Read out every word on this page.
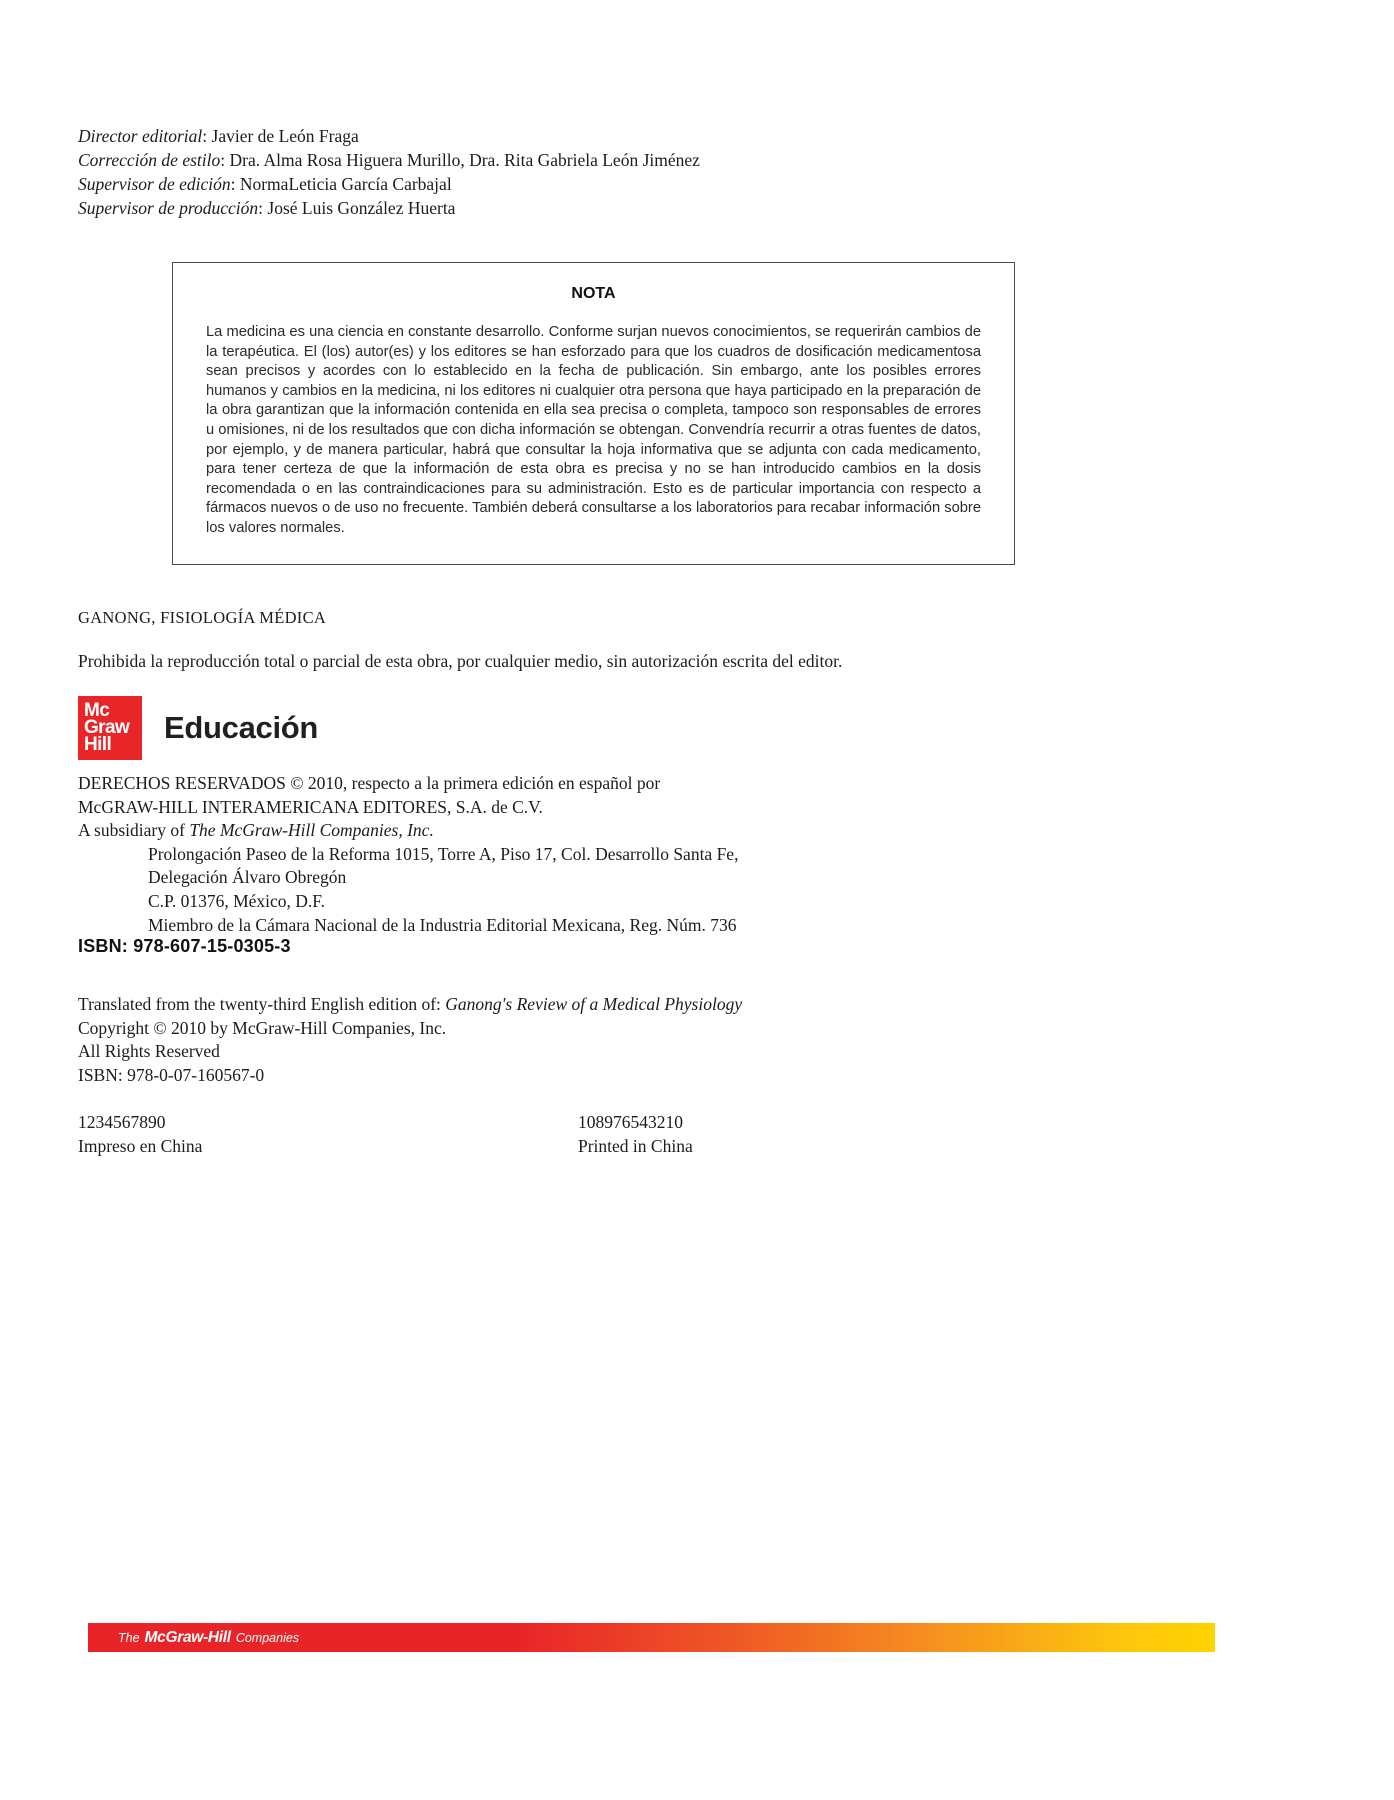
Director editorial: Javier de León Fraga
Corrección de estilo: Dra. Alma Rosa Higuera Murillo, Dra. Rita Gabriela León Jiménez
Supervisor de edición: NormaLeticia García Carbajal
Supervisor de producción: José Luis González Huerta
NOTA
La medicina es una ciencia en constante desarrollo. Conforme surjan nuevos conocimientos, se requerirán cambios de la terapéutica. El (los) autor(es) y los editores se han esforzado para que los cuadros de dosificación medicamentosa sean precisos y acordes con lo establecido en la fecha de publicación. Sin embargo, ante los posibles errores humanos y cambios en la medicina, ni los editores ni cualquier otra persona que haya participado en la preparación de la obra garantizan que la información contenida en ella sea precisa o completa, tampoco son responsables de errores u omisiones, ni de los resultados que con dicha información se obtengan. Convendría recurrir a otras fuentes de datos, por ejemplo, y de manera particular, habrá que consultar la hoja informativa que se adjunta con cada medicamento, para tener certeza de que la información de esta obra es precisa y no se han introducido cambios en la dosis recomendada o en las contraindicaciones para su administración. Esto es de particular importancia con respecto a fármacos nuevos o de uso no frecuente. También deberá consultarse a los laboratorios para recabar información sobre los valores normales.
GANONG, FISIOLOGÍA MÉDICA
Prohibida la reproducción total o parcial de esta obra, por cualquier medio, sin autorización escrita del editor.
Mc
Graw
Hill	Educación
DERECHOS RESERVADOS © 2010, respecto a la primera edición en español por
McGRAW-HILL INTERAMERICANA EDITORES, S.A. de C.V.
A subsidiary of The McGraw-Hill Companies, Inc.
Prolongación Paseo de la Reforma 1015, Torre A, Piso 17, Col. Desarrollo Santa Fe,
Delegación Álvaro Obregón
C.P. 01376, México, D.F.
Miembro de la Cámara Nacional de la Industria Editorial Mexicana, Reg. Núm. 736
ISBN: 978-607-15-0305-3
Translated from the twenty-third English edition of: Ganong's Review of a Medical Physiology
Copyright © 2010 by McGraw-Hill Companies, Inc.
All Rights Reserved
ISBN: 978-0-07-160567-0
1234567890
Impreso en China
108976543210
Printed in China
The McGraw-Hill Companies
